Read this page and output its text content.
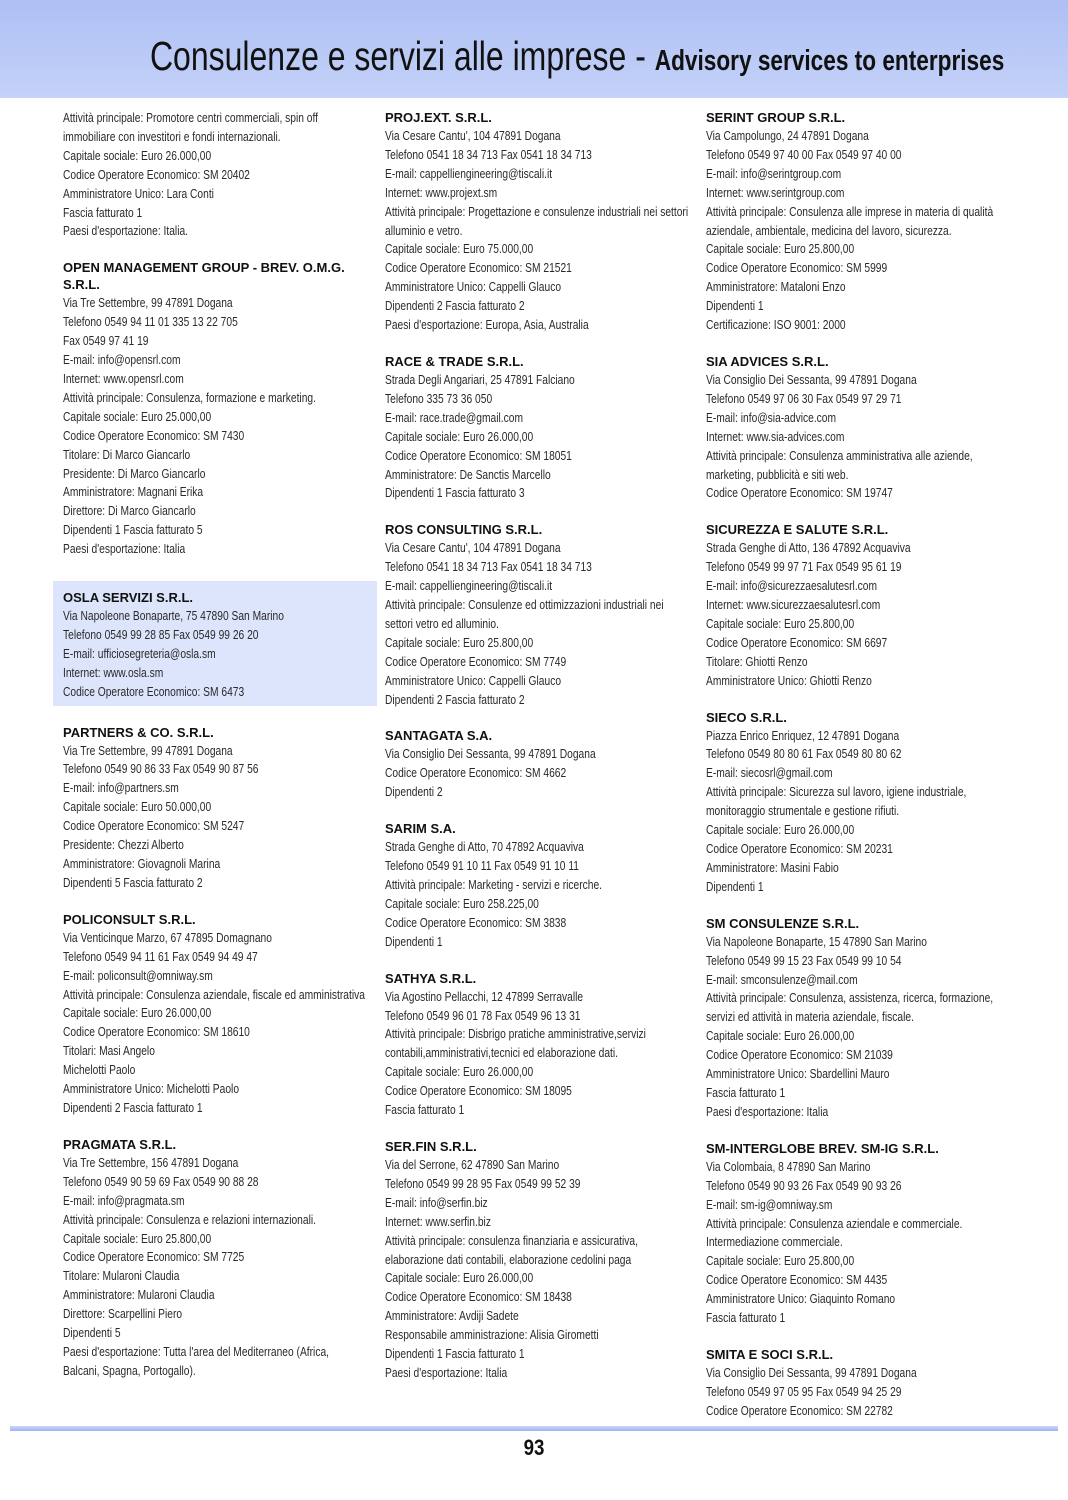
Consulenze e servizi alle imprese - Advisory services to enterprises
Attività principale: Promotore centri commerciali, spin off
immobiliare con investitori e fondi internazionali.
Capitale sociale: Euro 26.000,00
Codice Operatore Economico: SM 20402
Amministratore Unico: Lara Conti
Fascia fatturato 1
Paesi d'esportazione: Italia.
OPEN MANAGEMENT GROUP - BREV. O.M.G. S.R.L.
Via Tre Settembre, 99 47891 Dogana
Telefono 0549 94 11 01 335 13 22 705
Fax 0549 97 41 19
E-mail: info@opensrl.com
Internet: www.opensrl.com
Attività principale: Consulenza, formazione e marketing.
Capitale sociale: Euro 25.000,00
Codice Operatore Economico: SM 7430
Titolare: Di Marco Giancarlo
Presidente: Di Marco Giancarlo
Amministratore: Magnani Erika
Direttore: Di Marco Giancarlo
Dipendenti 1 Fascia fatturato 5
Paesi d'esportazione: Italia
OSLA SERVIZI S.R.L.
Via Napoleone Bonaparte, 75 47890 San Marino
Telefono 0549 99 28 85 Fax 0549 99 26 20
E-mail: ufficiosegreteria@osla.sm
Internet: www.osla.sm
Codice Operatore Economico: SM 6473
PARTNERS & CO. S.R.L.
Via Tre Settembre, 99 47891 Dogana
Telefono 0549 90 86 33 Fax 0549 90 87 56
E-mail: info@partners.sm
Capitale sociale: Euro 50.000,00
Codice Operatore Economico: SM 5247
Presidente: Chezzi Alberto
Amministratore: Giovagnoli Marina
Dipendenti 5 Fascia fatturato 2
POLICONSULT S.R.L.
Via Venticinque Marzo, 67 47895 Domagnano
Telefono 0549 94 11 61 Fax 0549 94 49 47
E-mail: policonsult@omniway.sm
Attività principale: Consulenza aziendale, fiscale ed amministrativa
Capitale sociale: Euro 26.000,00
Codice Operatore Economico: SM 18610
Titolari: Masi Angelo
Michelotti Paolo
Amministratore Unico: Michelotti Paolo
Dipendenti 2 Fascia fatturato 1
PRAGMATA S.R.L.
Via Tre Settembre, 156 47891 Dogana
Telefono 0549 90 59 69 Fax 0549 90 88 28
E-mail: info@pragmata.sm
Attività principale: Consulenza e relazioni internazionali.
Capitale sociale: Euro 25.800,00
Codice Operatore Economico: SM 7725
Titolare: Mularoni Claudia
Amministratore: Mularoni Claudia
Direttore: Scarpellini Piero
Dipendenti 5
Paesi d'esportazione: Tutta l'area del Mediterraneo (Africa,
Balcani, Spagna, Portogallo).
PROJ.EXT. S.R.L.
Via Cesare Cantu', 104 47891 Dogana
Telefono 0541 18 34 713 Fax 0541 18 34 713
E-mail: cappelliengineering@tiscali.it
Internet: www.projext.sm
Attività principale: Progettazione e consulenze industriali nei settori
alluminio e vetro.
Capitale sociale: Euro 75.000,00
Codice Operatore Economico: SM 21521
Amministratore Unico: Cappelli Glauco
Dipendenti 2 Fascia fatturato 2
Paesi d'esportazione: Europa, Asia, Australia
RACE & TRADE S.R.L.
Strada Degli Angariari, 25 47891 Falciano
Telefono 335 73 36 050
E-mail: race.trade@gmail.com
Capitale sociale: Euro 26.000,00
Codice Operatore Economico: SM 18051
Amministratore: De Sanctis Marcello
Dipendenti 1 Fascia fatturato 3
ROS CONSULTING S.R.L.
Via Cesare Cantu', 104 47891 Dogana
Telefono 0541 18 34 713 Fax 0541 18 34 713
E-mail: cappelliengineering@tiscali.it
Attività principale: Consulenze ed ottimizzazioni industriali nei
settori vetro ed alluminio.
Capitale sociale: Euro 25.800,00
Codice Operatore Economico: SM 7749
Amministratore Unico: Cappelli Glauco
Dipendenti 2 Fascia fatturato 2
SANTAGATA S.A.
Via Consiglio Dei Sessanta, 99 47891 Dogana
Codice Operatore Economico: SM 4662
Dipendenti 2
SARIM S.A.
Strada Genghe di Atto, 70 47892 Acquaviva
Telefono 0549 91 10 11 Fax 0549 91 10 11
Attività principale: Marketing - servizi e ricerche.
Capitale sociale: Euro 258.225,00
Codice Operatore Economico: SM 3838
Dipendenti 1
SATHYA S.R.L.
Via Agostino Pellacchi, 12 47899 Serravalle
Telefono 0549 96 01 78 Fax 0549 96 13 31
Attività principale: Disbrigo pratiche amministrative,servizi
contabili,amministrativi,tecnici ed elaborazione dati.
Capitale sociale: Euro 26.000,00
Codice Operatore Economico: SM 18095
Fascia fatturato 1
SER.FIN S.R.L.
Via del Serrone, 62 47890 San Marino
Telefono 0549 99 28 95 Fax 0549 99 52 39
E-mail: info@serfin.biz
Internet: www.serfin.biz
Attività principale: consulenza finanziaria e assicurativa,
elaborazione dati contabili, elaborazione cedolini paga
Capitale sociale: Euro 26.000,00
Codice Operatore Economico: SM 18438
Amministratore: Avdiji Sadete
Responsabile amministrazione: Alisia Girometti
Dipendenti 1 Fascia fatturato 1
Paesi d'esportazione: Italia
SERINT GROUP S.R.L.
Via Campolungo, 24 47891 Dogana
Telefono 0549 97 40 00 Fax 0549 97 40 00
E-mail: info@serintgroup.com
Internet: www.serintgroup.com
Attività principale: Consulenza alle imprese in materia di qualità
aziendale, ambientale, medicina del lavoro, sicurezza.
Capitale sociale: Euro 25.800,00
Codice Operatore Economico: SM 5999
Amministratore: Mataloni Enzo
Dipendenti 1
Certificazione: ISO 9001: 2000
SIA ADVICES S.R.L.
Via Consiglio Dei Sessanta, 99 47891 Dogana
Telefono 0549 97 06 30 Fax 0549 97 29 71
E-mail: info@sia-advice.com
Internet: www.sia-advices.com
Attività principale: Consulenza amministrativa alle aziende,
marketing, pubblicità e siti web.
Codice Operatore Economico: SM 19747
SICUREZZA E SALUTE S.R.L.
Strada Genghe di Atto, 136 47892 Acquaviva
Telefono 0549 99 97 71 Fax 0549 95 61 19
E-mail: info@sicurezzaesalutesrl.com
Internet: www.sicurezzaesalutesrl.com
Capitale sociale: Euro 25.800,00
Codice Operatore Economico: SM 6697
Titolare: Ghiotti Renzo
Amministratore Unico: Ghiotti Renzo
SIECO S.R.L.
Piazza Enrico Enriquez, 12 47891 Dogana
Telefono 0549 80 80 61 Fax 0549 80 80 62
E-mail: siecosrl@gmail.com
Attività principale: Sicurezza sul lavoro, igiene industriale,
monitoraggio strumentale e gestione rifiuti.
Capitale sociale: Euro 26.000,00
Codice Operatore Economico: SM 20231
Amministratore: Masini Fabio
Dipendenti 1
SM CONSULENZE S.R.L.
Via Napoleone Bonaparte, 15 47890 San Marino
Telefono 0549 99 15 23 Fax 0549 99 10 54
E-mail: smconsulenze@mail.com
Attività principale: Consulenza, assistenza, ricerca, formazione,
servizi ed attività in materia aziendale, fiscale.
Capitale sociale: Euro 26.000,00
Codice Operatore Economico: SM 21039
Amministratore Unico: Sbardellini Mauro
Fascia fatturato 1
Paesi d'esportazione: Italia
SM-INTERGLOBE BREV. SM-IG S.R.L.
Via Colombaia, 8 47890 San Marino
Telefono 0549 90 93 26 Fax 0549 90 93 26
E-mail: sm-ig@omniway.sm
Attività principale: Consulenza aziendale e commerciale.
Intermediazione commerciale.
Capitale sociale: Euro 25.800,00
Codice Operatore Economico: SM 4435
Amministratore Unico: Giaquinto Romano
Fascia fatturato 1
SMITA E SOCI S.R.L.
Via Consiglio Dei Sessanta, 99 47891 Dogana
Telefono 0549 97 05 95 Fax 0549 94 25 29
Codice Operatore Economico: SM 22782
93
